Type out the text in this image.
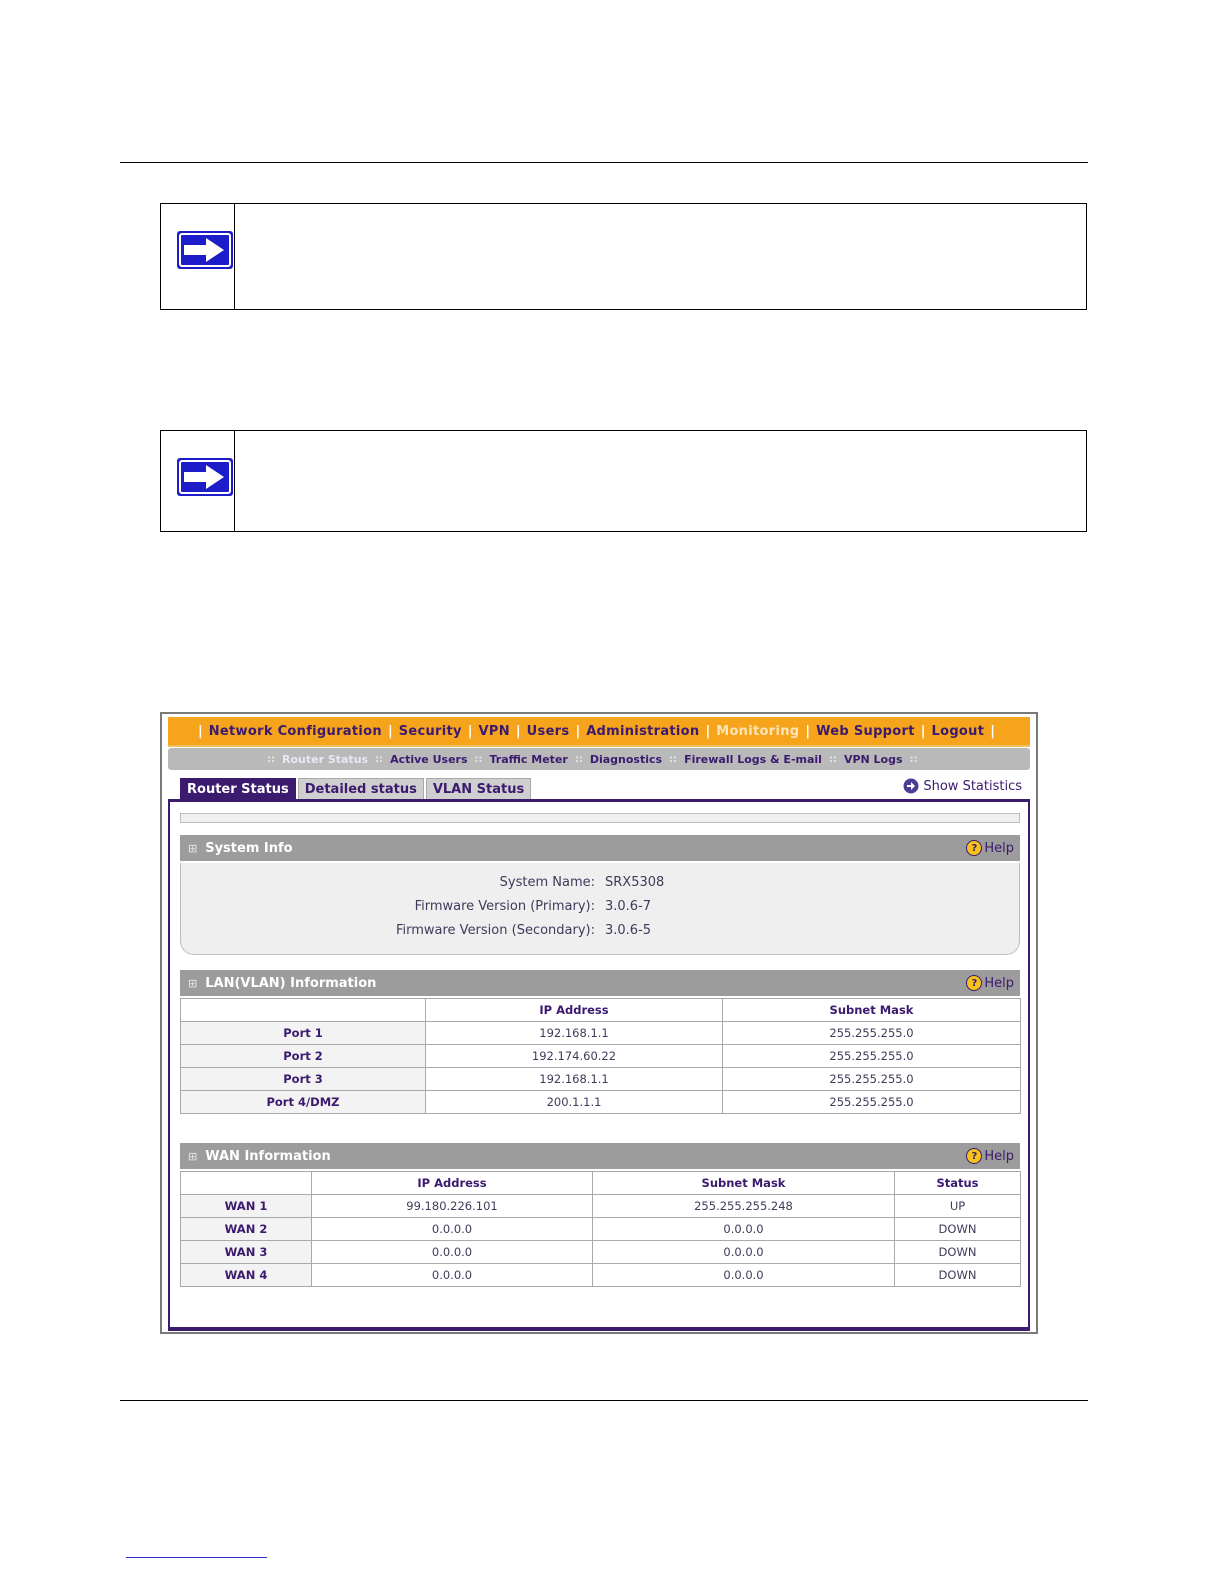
| Network Configuration | Security | VPN | Users | Administration | Monitoring | Web Support | Logout |
:: Router Status :: Active Users :: Traffic Meter :: Diagnostics :: Firewall Logs & E-mail :: VPN Logs ::
Router Status	Detailed status	VLAN Status	Show Statistics
⊞ System Info	? Help
System Name: SRX5308
Firmware Version (Primary): 3.0.6-7
Firmware Version (Secondary): 3.0.6-5
⊞ LAN(VLAN) Information	? Help
	IP Address	Subnet Mask
Port 1	192.168.1.1	255.255.255.0
Port 2	192.174.60.22	255.255.255.0
Port 3	192.168.1.1	255.255.255.0
Port 4/DMZ	200.1.1.1	255.255.255.0
⊞ WAN Information	? Help
	IP Address	Subnet Mask	Status
WAN 1	99.180.226.101	255.255.255.248	UP
WAN 2	0.0.0.0	0.0.0.0	DOWN
WAN 3	0.0.0.0	0.0.0.0	DOWN
WAN 4	0.0.0.0	0.0.0.0	DOWN
